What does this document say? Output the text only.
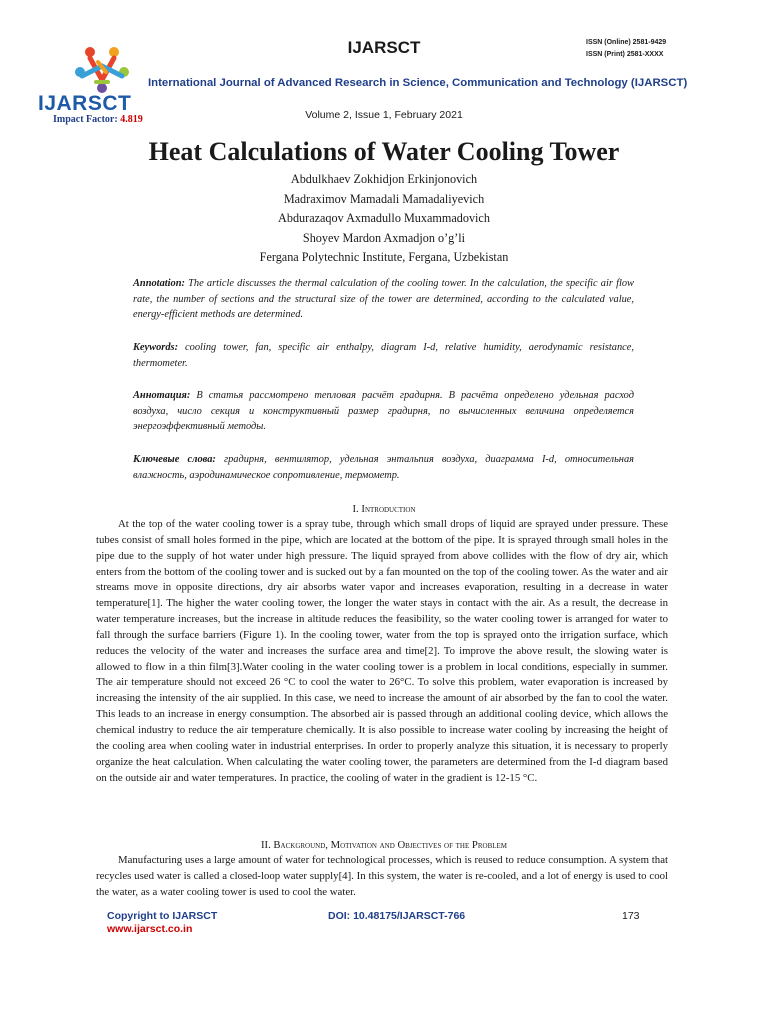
IJARSCT
Impact Factor: 4.819
IJARSCT	ISSN (Online) 2581-9429
ISSN (Print) 2581-XXXX
International Journal of Advanced Research in Science, Communication and Technology (IJARSCT)
Volume 2, Issue 1, February 2021
Heat Calculations of Water Cooling Tower
Abdulkhaev Zokhidjon Erkinjonovich
Madraximov Mamadali Mamadaliyevich
Abdurazaqov Axmadullo Muxammadovich
Shoyev Mardon Axmadjon o’g’li
Fergana Polytechnic Institute, Fergana, Uzbekistan
Annotation: The article discusses the thermal calculation of the cooling tower. In the calculation, the specific air flow rate, the number of sections and the structural size of the tower are determined, according to the calculated value, energy-efficient methods are determined.
Keywords: cooling tower, fan, specific air enthalpy, diagram I-d, relative humidity, aerodynamic resistance, thermometer.
Аннотация: В статья рассмотрено тепловая расчёт градирня. В расчёта определено удельная расход воздуха, число секция и конструктивный размер градирня, по вычисленных величина определяется энергоэффективный методы.
Ключевые слова: градирня, вентилятор, удельная энтальпия воздуха, диаграмма I-d, относительная влажность, аэродинамическое сопротивление, термометр.
I. Introduction
At the top of the water cooling tower is a spray tube, through which small drops of liquid are sprayed under pressure. These tubes consist of small holes formed in the pipe, which are located at the bottom of the pipe. It is sprayed through small holes in the pipe due to the supply of hot water under high pressure. The liquid sprayed from above collides with the flow of dry air, which enters from the bottom of the cooling tower and is sucked out by a fan mounted on the top of the cooling tower. As the water and air streams move in opposite directions, dry air absorbs water vapor and increases evaporation, resulting in a decrease in water temperature[1]. The higher the water cooling tower, the longer the water stays in contact with the air. As a result, the decrease in water temperature increases, but the increase in altitude reduces the feasibility, so the water cooling tower is arranged for water to fall through the surface barriers (Figure 1). In the cooling tower, water from the top is sprayed onto the irrigation surface, which reduces the velocity of the water and increases the surface area and time[2]. To improve the above result, the slowing water is allowed to flow in a thin film[3].Water cooling in the water cooling tower is a problem in local conditions, especially in summer. The air temperature should not exceed 26 °C to cool the water to 26°C. To solve this problem, water evaporation is increased by increasing the intensity of the air supplied. In this case, we need to increase the amount of air absorbed by the fan to cool the water. This leads to an increase in energy consumption. The absorbed air is passed through an additional cooling device, which allows the chemical industry to reduce the air temperature chemically. It is also possible to increase water cooling by increasing the height of the cooling area when cooling water in industrial enterprises. In order to properly analyze this situation, it is necessary to properly organize the heat calculation. When calculating the water cooling tower, the parameters are determined from the I-d diagram based on the outside air and water temperatures. In practice, the cooling of water in the gradient is 12-15 °C.
II. Background, Motivation and Objectives of the Problem
Manufacturing uses a large amount of water for technological processes, which is reused to reduce consumption. A system that recycles used water is called a closed-loop water supply[4]. In this system, the water is re-cooled, and a lot of energy is used to cool the water, as a water cooling tower is used to cool the water.
Copyright to IJARSCT
www.ijarsct.co.in
DOI: 10.48175/IJARSCT-766	173
